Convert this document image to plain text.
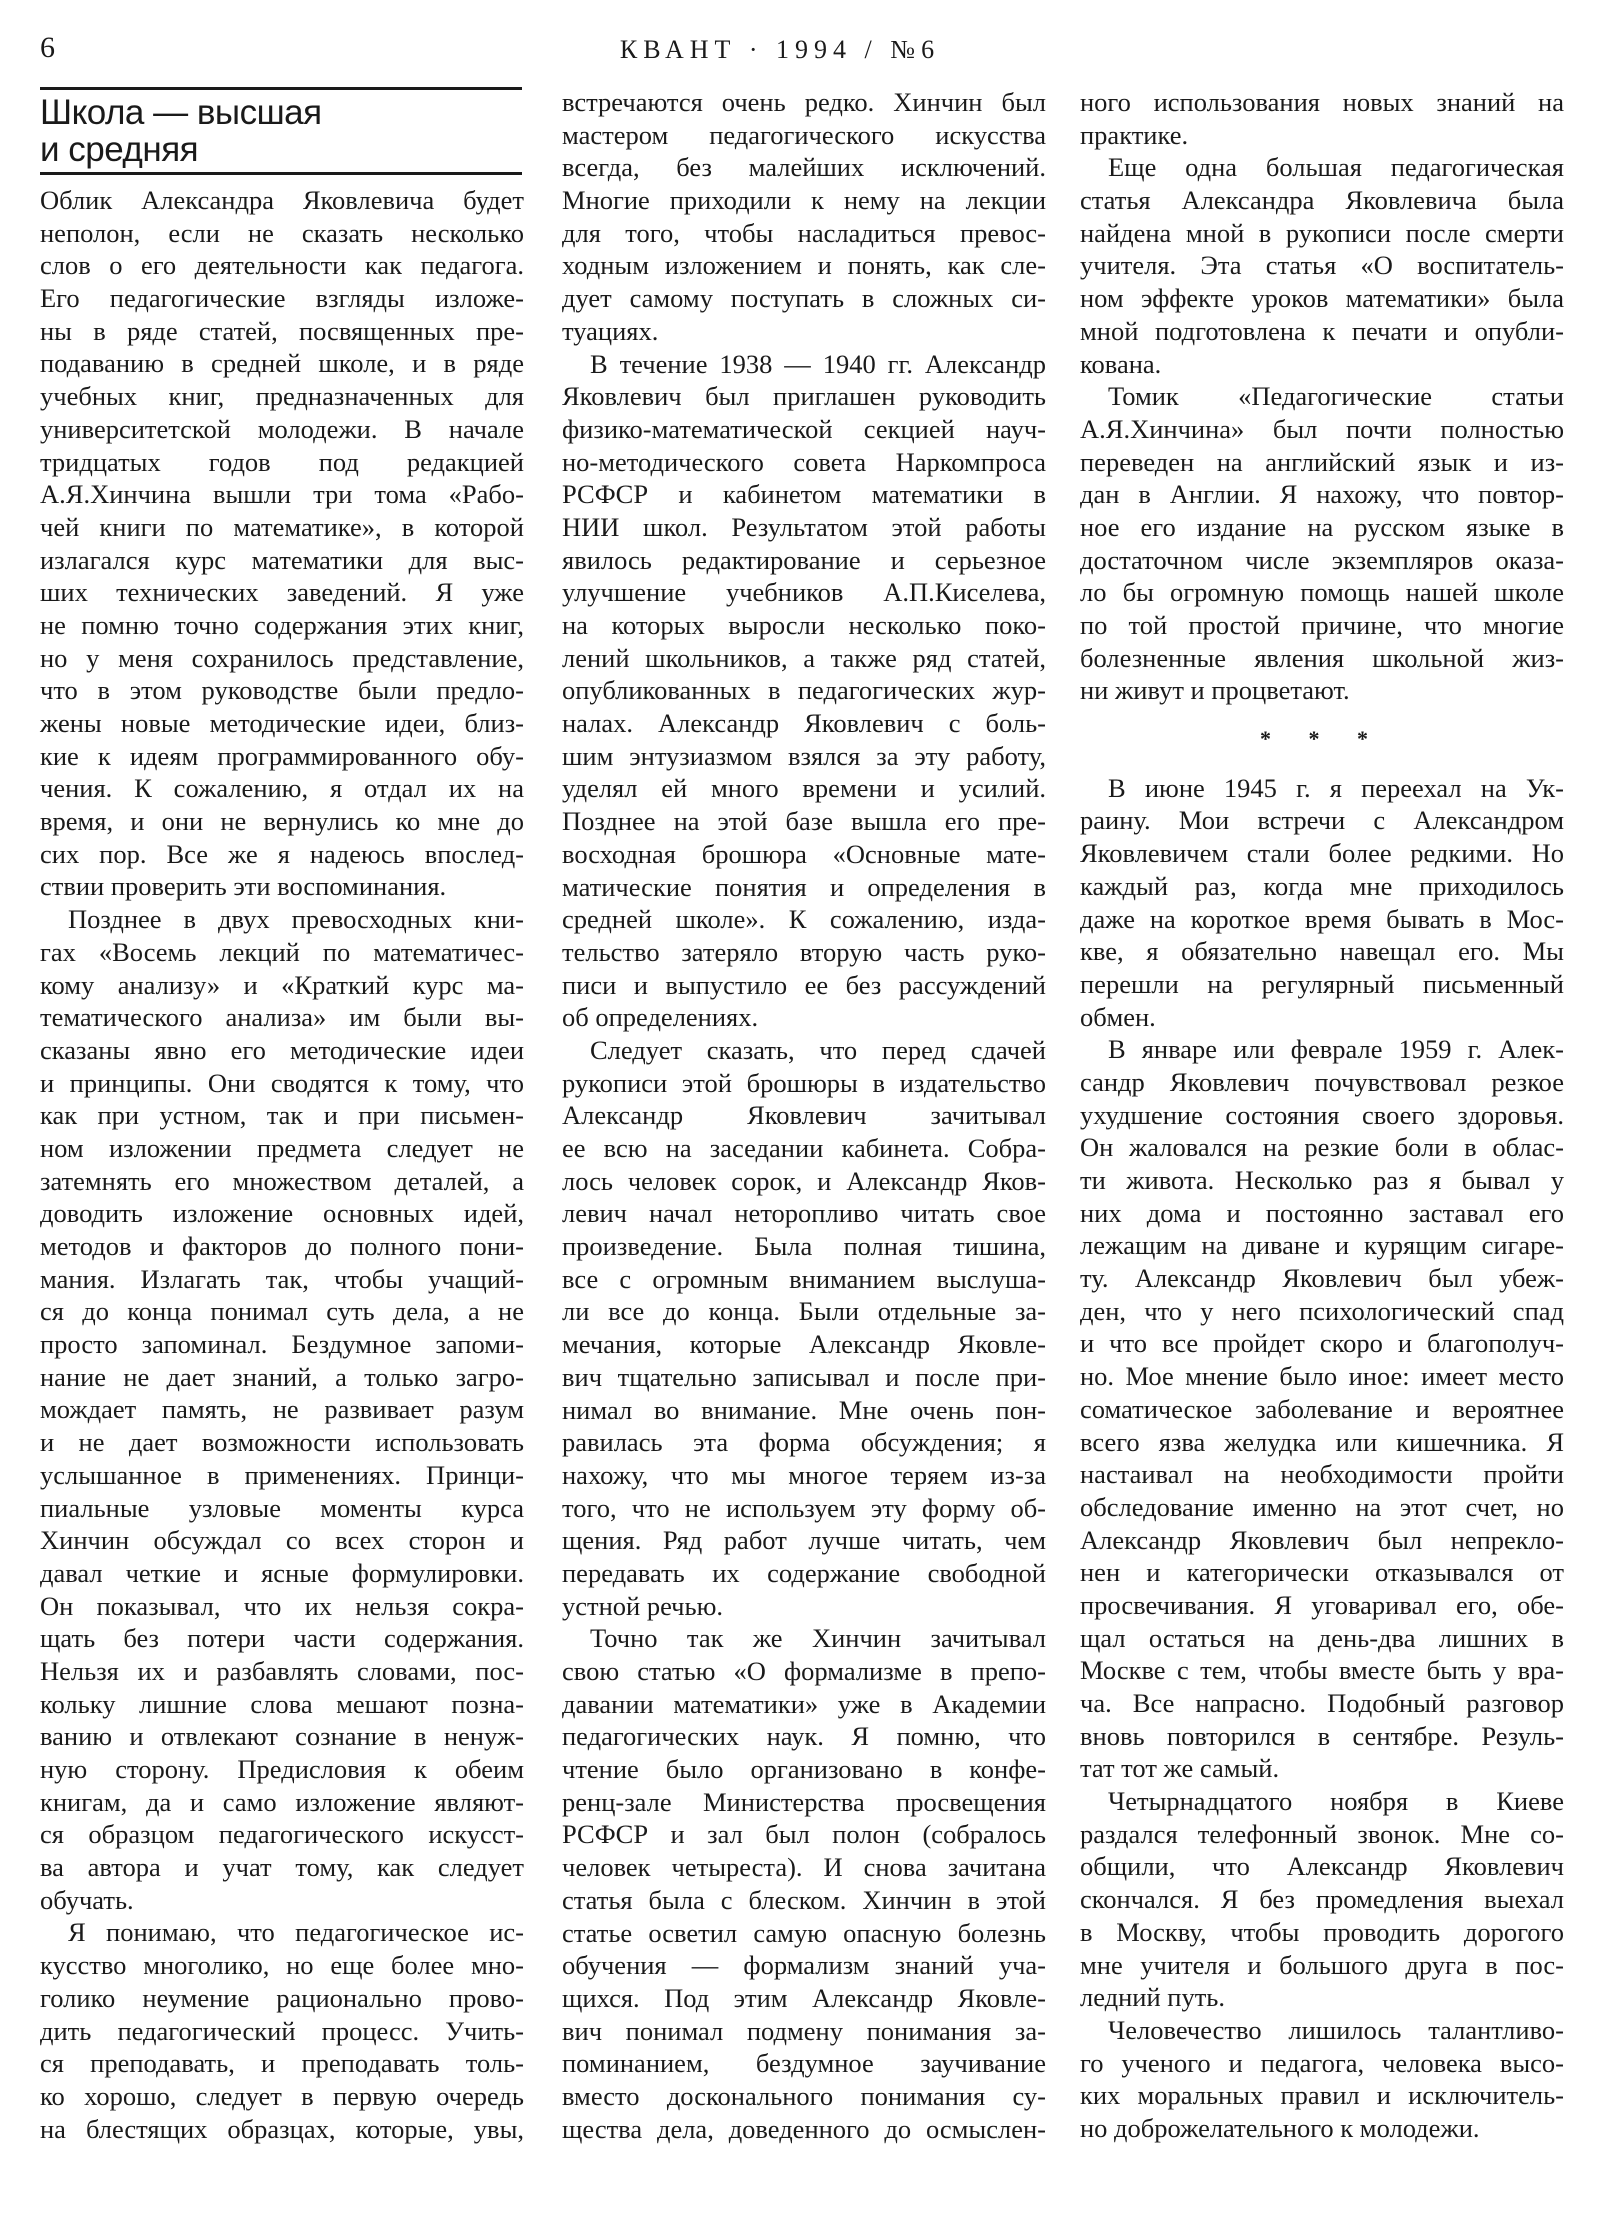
6	КВАНТ · 1994 / №6
Школа — высшая
и средняя
Облик Александра Яковлевича будет
неполон, если не сказать несколько
слов о его деятельности как педагога.
Его педагогические взгляды изложе-
ны в ряде статей, посвященных пре-
подаванию в средней школе, и в ряде
учебных книг, предназначенных для
университетской молодежи. В начале
тридцатых годов под редакцией
А.Я.Хинчина вышли три тома «Рабо-
чей книги по математике», в которой
излагался курс математики для выс-
ших технических заведений. Я уже
не помню точно содержания этих книг,
но у меня сохранилось представление,
что в этом руководстве были предло-
жены новые методические идеи, близ-
кие к идеям программированного обу-
чения. К сожалению, я отдал их на
время, и они не вернулись ко мне до
сих пор. Все же я надеюсь впослед-
ствии проверить эти воспоминания.
Позднее в двух превосходных кни-
гах «Восемь лекций по математичес-
кому анализу» и «Краткий курс ма-
тематического анализа» им были вы-
сказаны явно его методические идеи
и принципы. Они сводятся к тому, что
как при устном, так и при письмен-
ном изложении предмета следует не
затемнять его множеством деталей, а
доводить изложение основных идей,
методов и факторов до полного пони-
мания. Излагать так, чтобы учащий-
ся до конца понимал суть дела, а не
просто запоминал. Бездумное запоми-
нание не дает знаний, а только загро-
мождает память, не развивает разум
и не дает возможности использовать
услышанное в применениях. Принци-
пиальные узловые моменты курса
Хинчин обсуждал со всех сторон и
давал четкие и ясные формулировки.
Он показывал, что их нельзя сокра-
щать без потери части содержания.
Нельзя их и разбавлять словами, пос-
кольку лишние слова мешают позна-
ванию и отвлекают сознание в ненуж-
ную сторону. Предисловия к обеим
книгам, да и само изложение являют-
ся образцом педагогического искусст-
ва автора и учат тому, как следует
обучать.
Я понимаю, что педагогическое ис-
кусство многолико, но еще более мно-
голико неумение рационально прово-
дить педагогический процесс. Учить-
ся преподавать, и преподавать толь-
ко хорошо, следует в первую очередь
на блестящих образцах, которые, увы,
встречаются очень редко. Хинчин был
мастером педагогического искусства
всегда, без малейших исключений.
Многие приходили к нему на лекции
для того, чтобы насладиться превос-
ходным изложением и понять, как сле-
дует самому поступать в сложных си-
туациях.
В течение 1938 — 1940 гг. Александр
Яковлевич был приглашен руководить
физико-математической секцией науч-
но-методического совета Наркомпроса
РСФСР и кабинетом математики в
НИИ школ. Результатом этой работы
явилось редактирование и серьезное
улучшение учебников А.П.Киселева,
на которых выросли несколько поко-
лений школьников, а также ряд статей,
опубликованных в педагогических жур-
налах. Александр Яковлевич с боль-
шим энтузиазмом взялся за эту работу,
уделял ей много времени и усилий.
Позднее на этой базе вышла его пре-
восходная брошюра «Основные мате-
матические понятия и определения в
средней школе». К сожалению, изда-
тельство затеряло вторую часть руко-
писи и выпустило ее без рассуждений
об определениях.
Следует сказать, что перед сдачей
рукописи этой брошюры в издательство
Александр Яковлевич зачитывал
ее всю на заседании кабинета. Собра-
лось человек сорок, и Александр Яков-
левич начал неторопливо читать свое
произведение. Была полная тишина,
все с огромным вниманием выслуша-
ли все до конца. Были отдельные за-
мечания, которые Александр Яковле-
вич тщательно записывал и после при-
нимал во внимание. Мне очень пон-
равилась эта форма обсуждения; я
нахожу, что мы многое теряем из-за
того, что не используем эту форму об-
щения. Ряд работ лучше читать, чем
передавать их содержание свободной
устной речью.
Точно так же Хинчин зачитывал
свою статью «О формализме в препо-
давании математики» уже в Академии
педагогических наук. Я помню, что
чтение было организовано в конфе-
ренц-зале Министерства просвещения
РСФСР и зал был полон (собралось
человек четыреста). И снова зачитана
статья была с блеском. Хинчин в этой
статье осветил самую опасную болезнь
обучения — формализм знаний уча-
щихся. Под этим Александр Яковле-
вич понимал подмену понимания за-
поминанием, бездумное заучивание
вместо досконального понимания су-
щества дела, доведенного до осмыслен-
ного использования новых знаний на
практике.
Еще одна большая педагогическая
статья Александра Яковлевича была
найдена мной в рукописи после смерти
учителя. Эта статья «О воспитатель-
ном эффекте уроков математики» была
мной подготовлена к печати и опубли-
кована.
Томик «Педагогические статьи
А.Я.Хинчина» был почти полностью
переведен на английский язык и из-
дан в Англии. Я нахожу, что повтор-
ное его издание на русском языке в
достаточном числе экземпляров оказа-
ло бы огромную помощь нашей школе
по той простой причине, что многие
болезненные явления школьной жиз-
ни живут и процветают.
* * *
В июне 1945 г. я переехал на Ук-
раину. Мои встречи с Александром
Яковлевичем стали более редкими. Но
каждый раз, когда мне приходилось
даже на короткое время бывать в Мос-
кве, я обязательно навещал его. Мы
перешли на регулярный письменный
обмен.
В январе или феврале 1959 г. Алек-
сандр Яковлевич почувствовал резкое
ухудшение состояния своего здоровья.
Он жаловался на резкие боли в облас-
ти живота. Несколько раз я бывал у
них дома и постоянно заставал его
лежащим на диване и курящим сигаре-
ту. Александр Яковлевич был убеж-
ден, что у него психологический спад
и что все пройдет скоро и благополуч-
но. Мое мнение было иное: имеет место
соматическое заболевание и вероятнее
всего язва желудка или кишечника. Я
настаивал на необходимости пройти
обследование именно на этот счет, но
Александр Яковлевич был непрекло-
нен и категорически отказывался от
просвечивания. Я уговаривал его, обе-
щал остаться на день-два лишних в
Москве с тем, чтобы вместе быть у вра-
ча. Все напрасно. Подобный разговор
вновь повторился в сентябре. Резуль-
тат тот же самый.
Четырнадцатого ноября в Киеве
раздался телефонный звонок. Мне со-
общили, что Александр Яковлевич
скончался. Я без промедления выехал
в Москву, чтобы проводить дорогого
мне учителя и большого друга в пос-
ледний путь.
Человечество лишилось талантливо-
го ученого и педагога, человека высо-
ких моральных правил и исключитель-
но доброжелательного к молодежи.
